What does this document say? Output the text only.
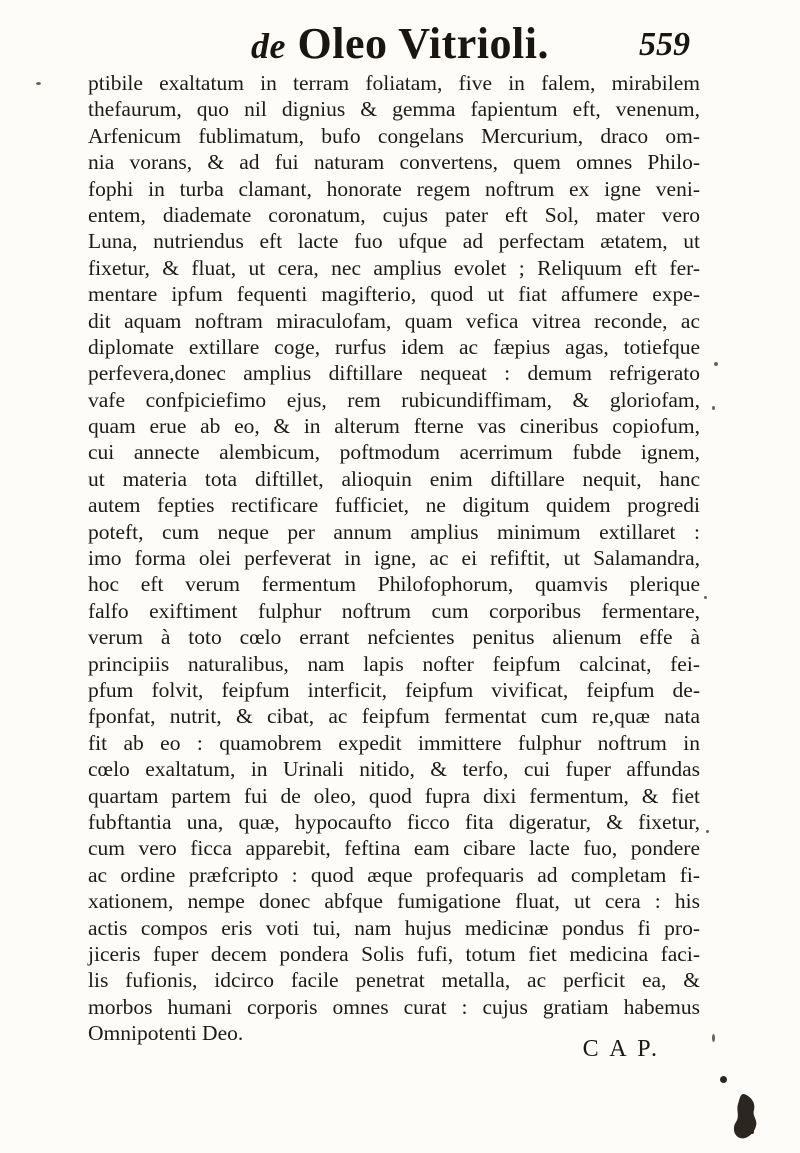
de Oleo Vitrioli.	559
ptibile exaltatum in terram foliatam, five in falem, mirabilem
thefaurum, quo nil dignius & gemma fapientum eft, venenum,
Arfenicum fublimatum, bufo congelans Mercurium, draco om-
nia vorans, & ad fui naturam convertens, quem omnes Philo-
fophi in turba clamant, honorate regem noftrum ex igne veni-
entem, diademate coronatum, cujus pater eft Sol, mater vero
Luna, nutriendus eft lacte fuo ufque ad perfectam ætatem, ut
fixetur, & fluat, ut cera, nec amplius evolet ; Reliquum eft fer-
mentare ipfum fequenti magifterio, quod ut fiat affumere expe-
dit aquam noftram miraculofam, quam vefica vitrea reconde, ac
diplomate extillare coge, rurfus idem ac fæpius agas, totiefque
perfevera,donec amplius diftillare nequeat : demum refrigerato
vafe confpiciefimo ejus, rem rubicundiffimam, & gloriofam,
quam erue ab eo, & in alterum fterne vas cineribus copiofum,
cui annecte alembicum, poftmodum acerrimum fubde ignem,
ut materia tota diftillet, alioquin enim diftillare nequit, hanc
autem fepties rectificare fufficiet, ne digitum quidem progredi
poteft, cum neque per annum amplius minimum extillaret :
imo forma olei perfeverat in igne, ac ei refiftit, ut Salamandra,
hoc eft verum fermentum Philofophorum, quamvis plerique
falfo exiftiment fulphur noftrum cum corporibus fermentare,
verum à toto cœlo errant nefcientes penitus alienum effe à
principiis naturalibus, nam lapis nofter feipfum calcinat, fei-
pfum folvit, feipfum interficit, feipfum vivificat, feipfum de-
fponfat, nutrit, & cibat, ac feipfum fermentat cum re,quæ nata
fit ab eo : quamobrem expedit immittere fulphur noftrum in
cœlo exaltatum, in Urinali nitido, & terfo, cui fuper affundas
quartam partem fui de oleo, quod fupra dixi fermentum, & fiet
fubftantia una, quæ, hypocaufto ficco fita digeratur, & fixetur,
cum vero ficca apparebit, feftina eam cibare lacte fuo, pondere
ac ordine præfcripto : quod æque profequaris ad completam fi-
xationem, nempe donec abfque fumigatione fluat, ut cera : his
actis compos eris voti tui, nam hujus medicinæ pondus fi pro-
jiceris fuper decem pondera Solis fufi, totum fiet medicina faci-
lis fufionis, idcirco facile penetrat metalla, ac perficit ea, &
morbos humani corporis omnes curat : cujus gratiam habemus
Omnipotenti Deo.
C A P.
